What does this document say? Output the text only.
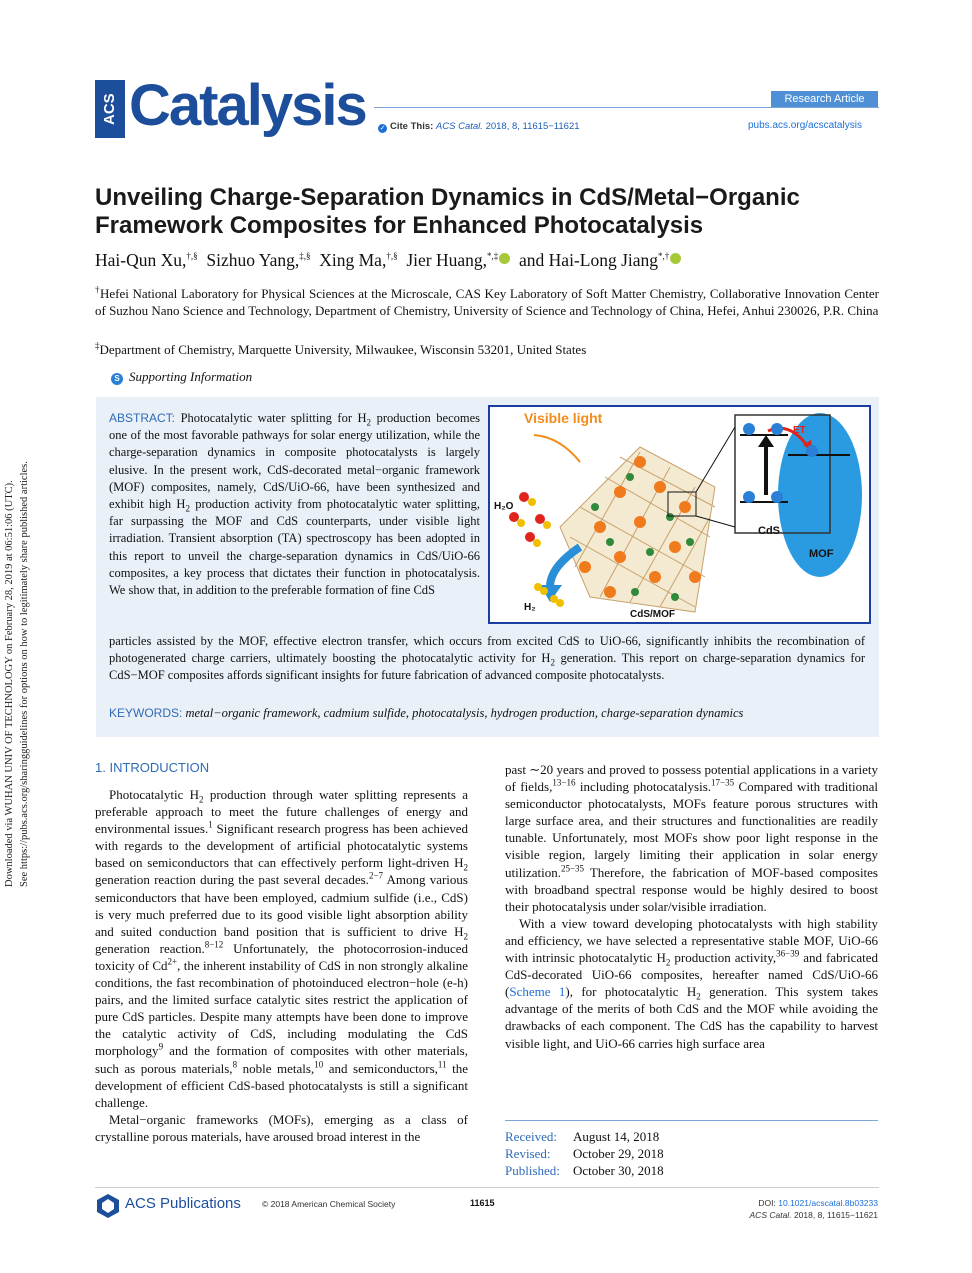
Downloaded via WUHAN UNIV OF TECHNOLOGY on February 28, 2019 at 06:51:06 (UTC). See https://pubs.acs.org/sharingguidelines for options on how to legitimately share published articles.
ACS Catalysis	Research Article
✓ Cite This: ACS Catal. 2018, 8, 11615−11621	pubs.acs.org/acscatalysis
Unveiling Charge-Separation Dynamics in CdS/Metal−Organic Framework Composites for Enhanced Photocatalysis
Hai-Qun Xu,†,§ Sizhuo Yang,‡,§ Xing Ma,†,§ Jier Huang,*,‡ and Hai-Long Jiang*,†
†Hefei National Laboratory for Physical Sciences at the Microscale, CAS Key Laboratory of Soft Matter Chemistry, Collaborative Innovation Center of Suzhou Nano Science and Technology, Department of Chemistry, University of Science and Technology of China, Hefei, Anhui 230026, P.R. China
‡Department of Chemistry, Marquette University, Milwaukee, Wisconsin 53201, United States
S Supporting Information
ABSTRACT: Photocatalytic water splitting for $H_2$ production becomes one of the most favorable pathways for solar energy utilization, while the charge-separation dynamics in composite photocatalysts is largely elusive. In the present work, CdS-decorated metal−organic framework (MOF) composites, namely, CdS/UiO-66, have been synthesized and exhibit high $H_2$ production activity from photocatalytic water splitting, far surpassing the MOF and CdS counterparts, under visible light irradiation. Transient absorption (TA) spectroscopy has been adopted in this report to unveil the charge-separation dynamics in CdS/UiO-66 composites, a key process that dictates their function in photocatalysis. We show that, in addition to the preferable formation of fine CdS
particles assisted by the MOF, effective electron transfer, which occurs from excited CdS to UiO-66, significantly inhibits the recombination of photogenerated charge carriers, ultimately boosting the photocatalytic activity for $H_2$ generation. This report on charge-separation dynamics for CdS−MOF composites affords significant insights for future fabrication of advanced composite photocatalysts.
KEYWORDS: metal−organic framework, cadmium sulfide, photocatalysis, hydrogen production, charge-separation dynamics
MOF
ET
CdS
Visible light
H₂O
H₂
CdS/MOF
1. INTRODUCTION

Photocatalytic $H_2$ production through water splitting represents a preferable approach to meet the future challenges of energy and environmental issues.$^1$ Significant research progress has been achieved with regards to the development of artificial photocatalytic systems based on semiconductors that can effectively perform light-driven $H_2$ generation reaction during the past several decades.$^{2-7}$ Among various semiconductors that have been employed, cadmium sulfide (i.e., CdS) is very much preferred due to its good visible light absorption ability and suited conduction band position that is sufficient to drive $H_2$ generation reaction.$^{8-12}$ Unfortunately, the photocorrosion-induced toxicity of $Cd^{2+}$, the inherent instability of CdS in non strongly alkaline conditions, the fast recombination of photoinduced electron−hole (e-h) pairs, and the limited surface catalytic sites restrict the application of pure CdS particles. Despite many attempts have been done to improve the catalytic activity of CdS, including modulating the CdS morphology$^9$ and the formation of composites with other materials, such as porous materials,$^8$ noble metals,$^{10}$ and semiconductors,$^{11}$ the development of efficient CdS-based photocatalysts is still a significant challenge.

Metal−organic frameworks (MOFs), emerging as a class of crystalline porous materials, have aroused broad interest in the

past ∼20 years and proved to possess potential applications in a variety of fields,$^{13-16}$ including photocatalysis.$^{17-35}$ Compared with traditional semiconductor photocatalysts, MOFs feature porous structures with large surface area, and their structures and functionalities are readily tunable. Unfortunately, most MOFs show poor light response in the visible region, largely limiting their application in solar energy utilization.$^{25-35}$ Therefore, the fabrication of MOF-based composites with broadband spectral response would be highly desired to boost their photocatalysis under solar/visible irradiation.

With a view toward developing photocatalysts with high stability and efficiency, we have selected a representative stable MOF, UiO-66 with intrinsic photocatalytic $H_2$ production activity,$^{36-39}$ and fabricated CdS-decorated UiO-66 composites, hereafter named CdS/UiO-66 (Scheme 1), for photocatalytic $H_2$ generation. This system takes advantage of the merits of both CdS and the MOF while avoiding the drawbacks of each component. The CdS has the capability to harvest visible light, and UiO-66 carries high surface area

Received: August 14, 2018
Revised: October 29, 2018
Published: October 30, 2018
ACS Publications © 2018 American Chemical Society	11615	DOI: 10.1021/acscatal.8b03233
ACS Catal. 2018, 8, 11615−11621
